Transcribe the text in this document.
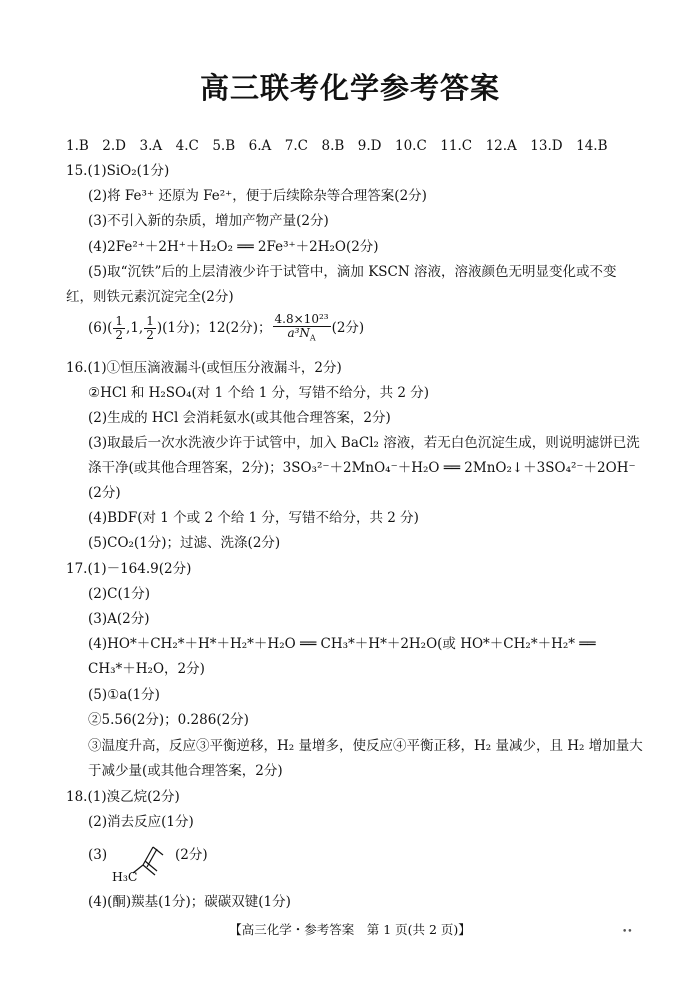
高三联考化学参考答案
1.B　2.D　3.A　4.C　5.B　6.A　7.C　8.B　9.D　10.C　11.C　12.A　13.D　14.B
15.(1)SiO₂(1分)
(2)将 Fe³⁺ 还原为 Fe²⁺，便于后续除杂等合理答案(2分)
(3)不引入新的杂质，增加产物产量(2分)
(4)2Fe²⁺＋2H⁺＋H₂O₂ ══ 2Fe³⁺＋2H₂O(2分)
(5)取“沉铁”后的上层清液少许于试管中，滴加 KSCN 溶液，溶液颜色无明显变化或不变
红，则铁元素沉淀完全(2分)
$(6)( \frac{1}{2} ,1$, $\frac{1}{2} )(1$分)；12(2分)； $\frac{\text{4.8×10²³}}{a^3N_A} (2$分)
16.(1)①恒压滴液漏斗(或恒压分液漏斗，2分)
②HCl 和 H₂SO₄(对 1 个给 1 分，写错不给分，共 2 分)
(2)生成的 HCl 会消耗氨水(或其他合理答案，2分)
(3)取最后一次水洗液少许于试管中，加入 BaCl₂ 溶液，若无白色沉淀生成，则说明滤饼已洗
涤干净(或其他合理答案，2分)；3SO₃²⁻＋2MnO₄⁻＋H₂O ══ 2MnO₂↓＋3SO₄²⁻＋2OH⁻
(2分)
(4)BDF(对 1 个或 2 个给 1 分，写错不给分，共 2 分)
(5)CO₂(1分)；过滤、洗涤(2分)
17.(1)－164.9(2分)
(2)C(1分)
(3)A(2分)
(4)HO*＋CH₂*＋H*＋H₂*＋H₂O ══ CH₃*＋H*＋2H₂O(或 HO*＋CH₂*＋H₂* ══
CH₃*＋H₂O，2分)
(5)①a(1分)
②5.56(2分)；0.286(2分)
③温度升高，反应③平衡逆移，H₂ 量增多，使反应④平衡正移，H₂ 量减少，且 H₂ 增加量大
于减少量(或其他合理答案，2分)
18.(1)溴乙烷(2分)
(2)消去反应(1分)
(3)	(2分)
H₃C
(4)(酮)羰基(1分)；碳碳双键(1分)
【高三化学・参考答案　第 1 页(共 2 页)】	••
